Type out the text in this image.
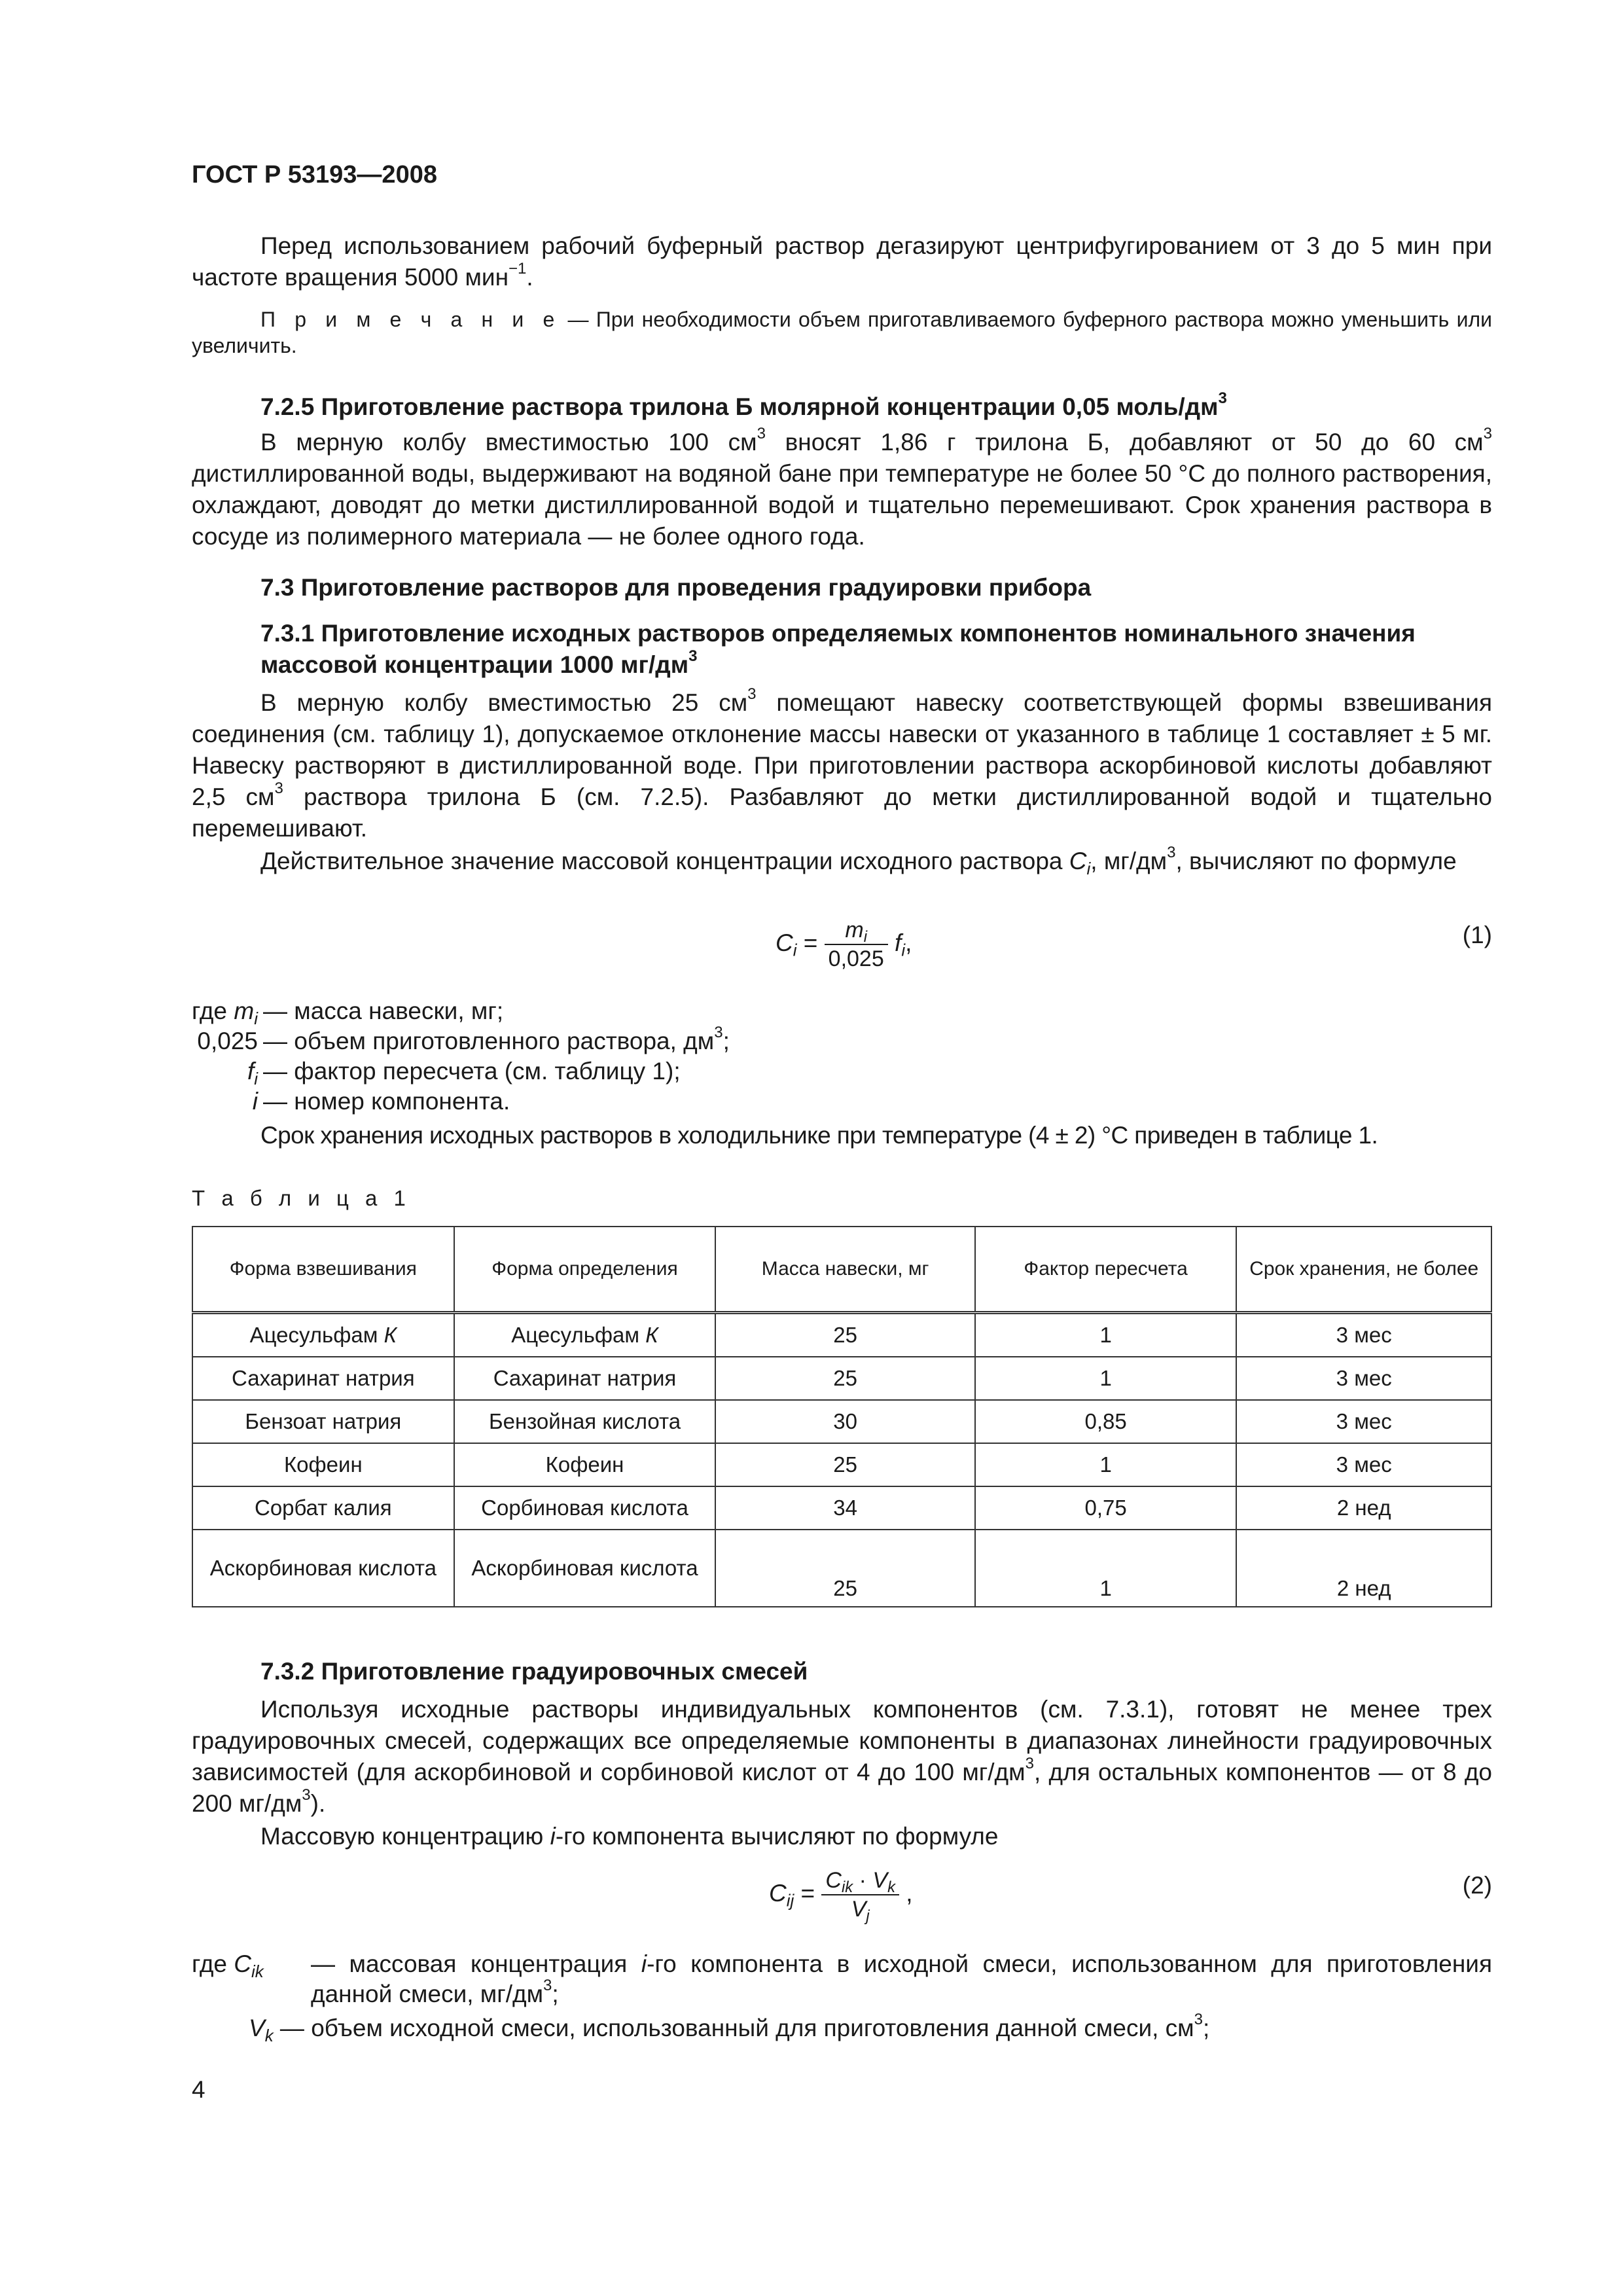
ГОСТ Р 53193—2008
Перед использованием рабочий буферный раствор дегазируют центрифугированием от 3 до 5 мин при частоте вращения 5000 мин$^{-1}$.
П р и м е ч а н и е — При необходимости объем приготавливаемого буферного раствора можно уменьшить или увеличить.
7.2.5 Приготовление раствора трилона Б молярной концентрации 0,05 моль/$дм^3$
В мерную колбу вместимостью 100 $см^3$ вносят 1,86 г трилона Б, добавляют от 50 до 60 $см^3$ дистиллированной воды, выдерживают на водяной бане при температуре не более 50 °С до полного растворения, охлаждают, доводят до метки дистиллированной водой и тщательно перемешивают. Срок хранения раствора в сосуде из полимерного материала — не более одного года.
7.3 Приготовление растворов для проведения градуировки прибора
7.3.1 Приготовление исходных растворов определяемых компонентов номинального значения массовой концентрации 1000 $мг/дм^3$
В мерную колбу вместимостью 25 $см^3$ помещают навеску соответствующей формы взвешивания соединения (см. таблицу 1), допускаемое отклонение массы навески от указанного в таблице 1 составляет ± 5 мг. Навеску растворяют в дистиллированной воде. При приготовлении раствора аскорбиновой кислоты добавляют 2,5 $см^3$ раствора трилона Б (см. 7.2.5). Разбавляют до метки дистиллированной водой и тщательно перемешивают.
Действительное значение массовой концентрации исходного раствора $C_i$, $мг/дм^3$, вычисляют по формуле
$C_i = \frac{m_i}{0,025} f_i$,	(1)
где $m_i$ — масса навески, мг;
0,025 — объем приготовленного раствора, $дм^3$;
$f_i$ — фактор пересчета (см. таблицу 1);
i — номер компонента.
Срок хранения исходных растворов в холодильнике при температуре (4 ± 2) °С приведен в таблице 1.
Т а б л и ц а 1
Форма взвешивания	Форма определения	Масса навески, мг	Фактор пересчета	Срок хранения, не более
Ацесульфам К	Ацесульфам К	25	1	3 мес
Сахаринат натрия	Сахаринат натрия	25	1	3 мес
Бензоат натрия	Бензойная кислота	30	0,85	3 мес
Кофеин	Кофеин	25	1	3 мес
Сорбат калия	Сорбиновая кислота	34	0,75	2 нед
Аскорбиновая кислота	Аскорбиновая кислота	25	1	2 нед
7.3.2 Приготовление градуировочных смесей
Используя исходные растворы индивидуальных компонентов (см. 7.3.1), готовят не менее трех градуировочных смесей, содержащих все определяемые компоненты в диапазонах линейности градуировочных зависимостей (для аскорбиновой и сорбиновой кислот от 4 до 100 $мг/дм^3$, для остальных компонентов — от 8 до 200 $мг/дм^3$).
Массовую концентрацию i-го компонента вычисляют по формуле
$C_{ij} = \frac{C_{ik} \cdot V_k}{V_j}$ ,	(2)
где $C_{ik}$ — массовая концентрация i-го компонента в исходной смеси, использованном для приготовления данной смеси, $мг/дм^3$;
$V_k$ — объем исходной смеси, использованный для приготовления данной смеси, $см^3$;
4
